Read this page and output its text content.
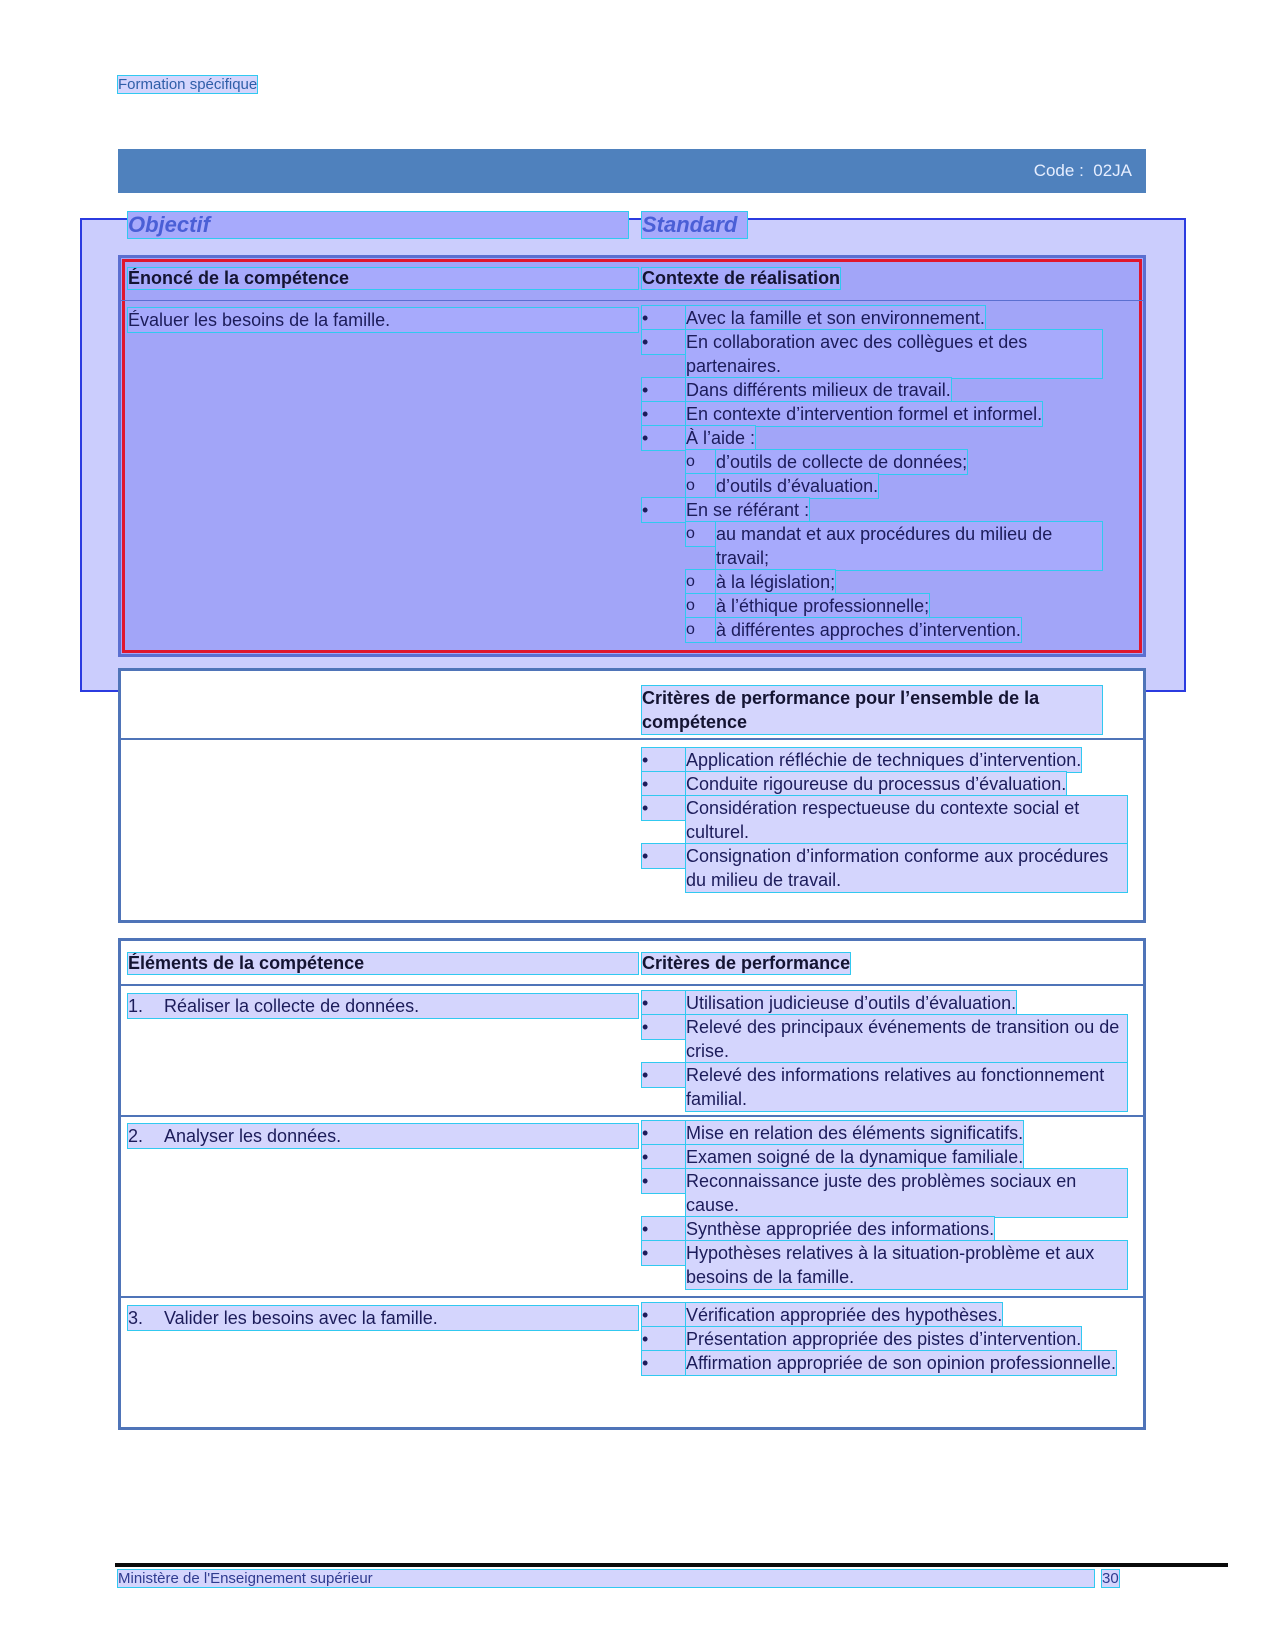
Formation spécifique
Code : 02JA
Objectif	Standard
Énoncé de la compétence	Contexte de réalisation
Évaluer les besoins de la famille.	•	Avec la famille et son environnement.
•	En collaboration avec des collègues et des partenaires.
•	Dans différents milieux de travail.
•	En contexte d’intervention formel et informel.
•	À l’aide :
o	d’outils de collecte de données;
o	d’outils d’évaluation.
•	En se référant :
o	au mandat et aux procédures du milieu de travail;
o	à la législation;
o	à l’éthique professionnelle;
o	à différentes approches d’intervention.
Critères de performance pour l’ensemble de la compétence
•	Application réfléchie de techniques d’intervention.
•	Conduite rigoureuse du processus d’évaluation.
•	Considération respectueuse du contexte social et culturel.
•	Consignation d’information conforme aux procédures du milieu de travail.
Éléments de la compétence	Critères de performance
1. Réaliser la collecte de données.	•	Utilisation judicieuse d’outils d’évaluation.
•	Relevé des principaux événements de transition ou de crise.
•	Relevé des informations relatives au fonctionnement familial.
2. Analyser les données.	•	Mise en relation des éléments significatifs.
•	Examen soigné de la dynamique familiale.
•	Reconnaissance juste des problèmes sociaux en cause.
•	Synthèse appropriée des informations.
•	Hypothèses relatives à la situation-problème et aux besoins de la famille.
3. Valider les besoins avec la famille.	•	Vérification appropriée des hypothèses.
•	Présentation appropriée des pistes d’intervention.
•	Affirmation appropriée de son opinion professionnelle.
Ministère de l'Enseignement supérieur	30
